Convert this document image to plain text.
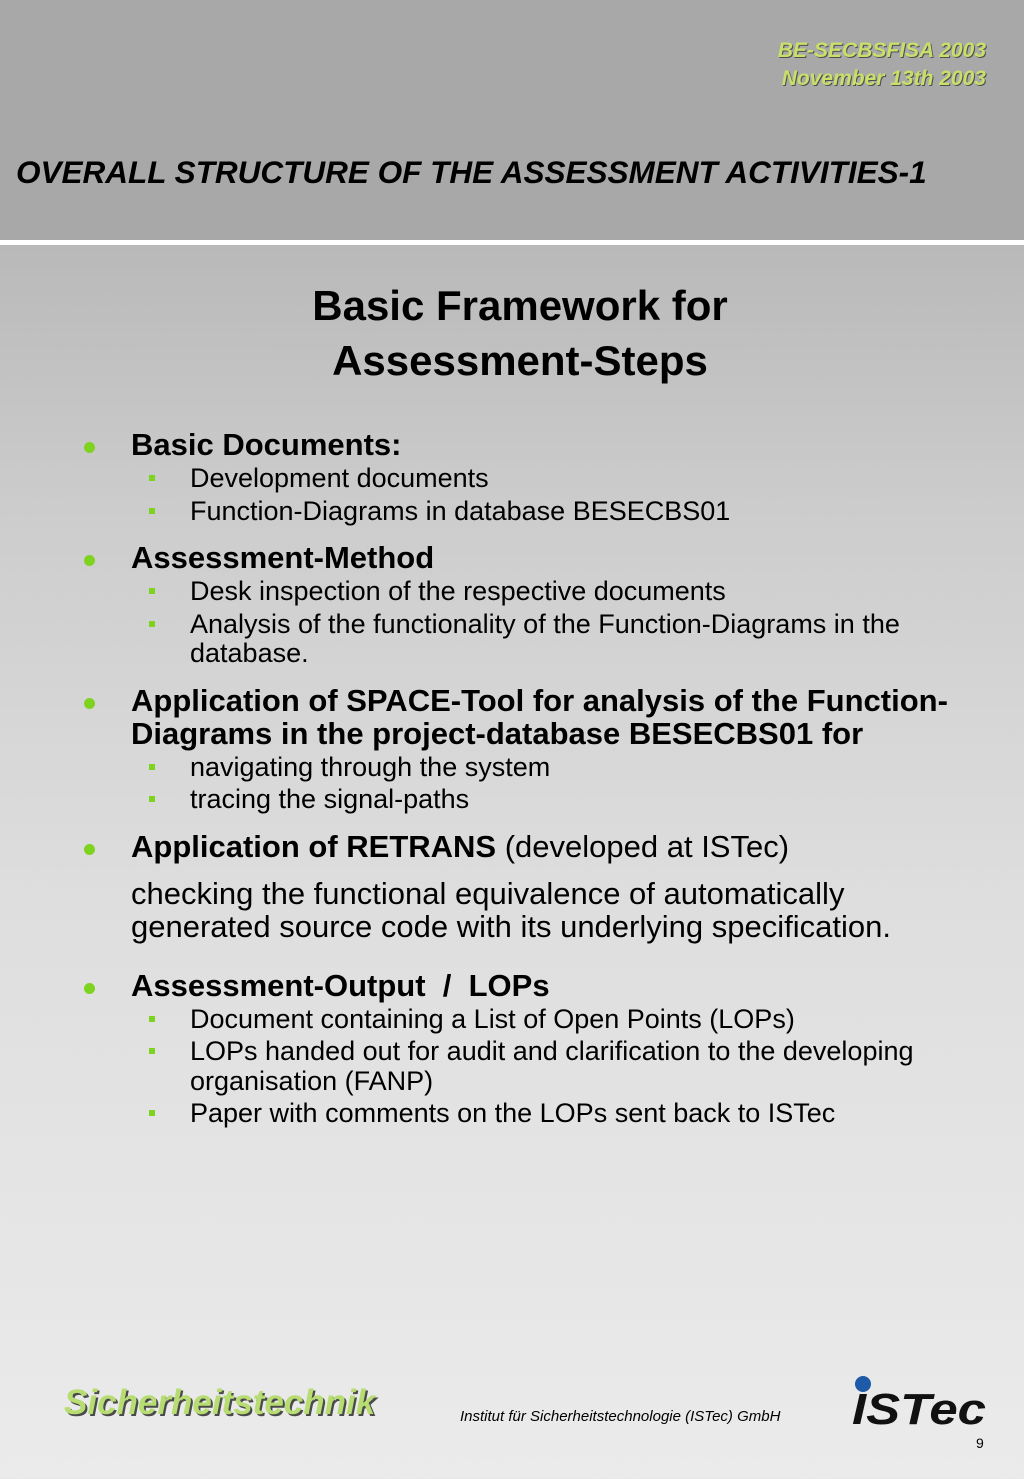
BE-SECBSFISA 2003
November 13th 2003
OVERALL STRUCTURE OF THE ASSESSMENT ACTIVITIES-1
Basic Framework for
Assessment-Steps
Basic Documents:
Development documents
Function-Diagrams in database BESECBS01
Assessment-Method
Desk inspection of the respective documents
Analysis of the functionality of the Function-Diagrams in the database.
Application of SPACE-Tool for analysis of the Function-Diagrams in the project-database BESECBS01 for
navigating through the system
tracing the signal-paths
Application of RETRANS (developed at ISTec)
checking the functional equivalence of automatically generated source code with its underlying specification.
Assessment-Output  /  LOPs
Document containing a List of Open Points (LOPs)
LOPs handed out for audit and clarification to the developing organisation (FANP)
Paper with comments on the LOPs sent back to ISTec
Sicherheitstechnik	Institut für Sicherheitstechnologie (ISTec) GmbH ISTec
9
